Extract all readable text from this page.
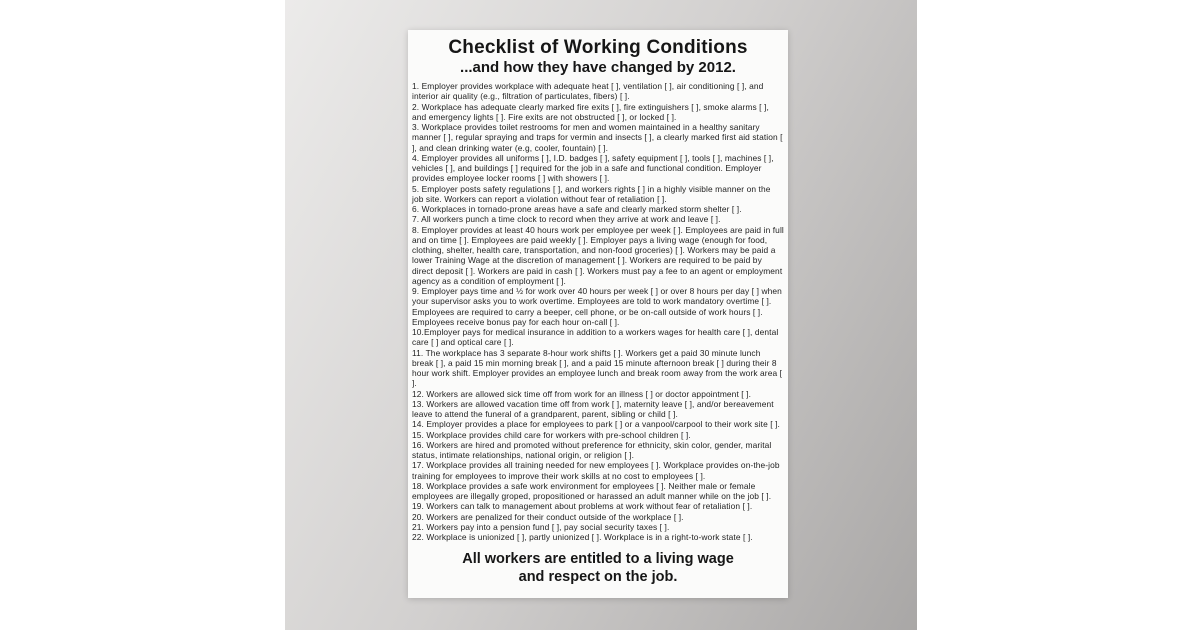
Checklist of Working Conditions
...and how they have changed by 2012.

1. Employer provides workplace with adequate heat [ ], ventilation [ ], air conditioning [ ], and interior air quality (e.g., filtration of particulates, fibers) [ ].

2. Workplace has adequate clearly marked fire exits [ ], fire extinguishers [ ], smoke alarms [ ], and emergency lights [ ]. Fire exits are not obstructed [ ], or locked [ ].

3. Workplace provides toilet restrooms for men and women maintained in a healthy sanitary manner [ ], regular spraying and traps for vermin and insects [ ], a clearly marked first aid station [ ], and clean drinking water (e.g, cooler, fountain) [ ].

4. Employer provides all uniforms [ ], I.D. badges [ ], safety equipment [ ], tools [ ], machines [ ], vehicles [ ], and buildings [ ] required for the job in a safe and functional condition. Employer provides employee locker rooms [ ] with showers [ ].

5. Employer posts safety regulations [ ], and workers rights [ ] in a highly visible manner on the job site. Workers can report a violation without fear of retaliation [ ].

6. Workplaces in tornado-prone areas have a safe and clearly marked storm shelter [ ].

7. All workers punch a time clock to record when they arrive at work and leave [ ].

8. Employer provides at least 40 hours work per employee per week [ ]. Employees are paid in full and on time [ ]. Employees are paid weekly [ ]. Employer pays a living wage (enough for food, clothing, shelter, health care, transportation, and non-food groceries) [ ]. Workers may be paid a lower Training Wage at the discretion of management [ ]. Workers are required to be paid by direct deposit [ ]. Workers are paid in cash [ ]. Workers must pay a fee to an agent or employment agency as a condition of employment [ ].

9. Employer pays time and ½ for work over 40 hours per week [ ] or over 8 hours per day [ ] when your supervisor asks you to work overtime. Employees are told to work mandatory overtime [ ]. Employees are required to carry a beeper, cell phone, or be on-call outside of work hours [ ]. Employees receive bonus pay for each hour on-call [ ].

10.Employer pays for medical insurance in addition to a workers wages for health care [ ], dental care [ ] and optical care [ ].

11. The workplace has 3 separate 8-hour work shifts [ ]. Workers get a paid 30 minute lunch break [ ], a paid 15 min morning break [ ], and a paid 15 minute afternoon break [ ] during their 8 hour work shift. Employer provides an employee lunch and break room away from the work area [ ].

12. Workers are allowed sick time off from work for an illness [ ] or doctor appointment [ ].

13. Workers are allowed vacation time off from work [ ], maternity leave [ ], and/or bereavement leave to attend the funeral of a grandparent, parent, sibling or child [ ].

14. Employer provides a place for employees to park [ ] or a vanpool/carpool to their work site [ ].

15. Workplace provides child care for workers with pre-school children [ ].

16. Workers are hired and promoted without preference for ethnicity, skin color, gender, marital status, intimate relationships, national origin, or religion [ ].

17. Workplace provides all training needed for new employees [ ]. Workplace provides on-the-job training for employees to improve their work skills at no cost to employees [ ].

18. Workplace provides a safe work environment for employees [ ]. Neither male or female employees are illegally groped, propositioned or harassed an adult manner while on the job [ ].

19. Workers can talk to management about problems at work without fear of retaliation [ ].

20. Workers are penalized for their conduct outside of the workplace [ ].

21. Workers pay into a pension fund [ ], pay social security taxes [ ].

22. Workplace is unionized [ ], partly unionized [ ]. Workplace is in a right-to-work state [ ].

All workers are entitled to a living wage
and respect on the job.
